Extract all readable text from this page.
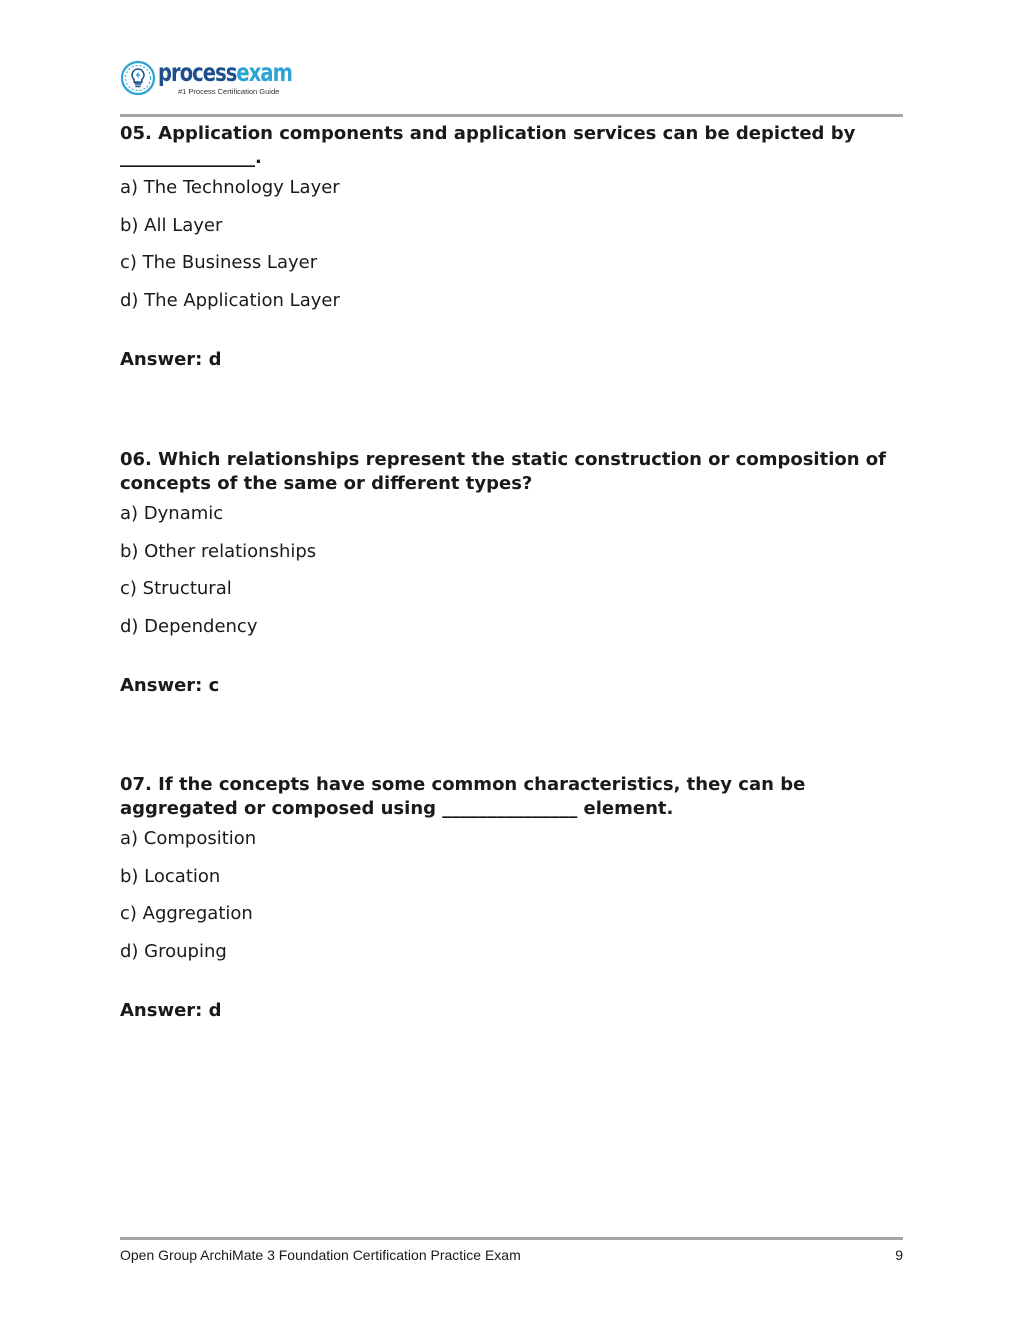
processexam
#1 Process Certification Guide

05. Application components and application services can be depicted by _______________.

a) The Technology Layer

b) All Layer

c) The Business Layer

d) The Application Layer

Answer: d

06. Which relationships represent the static construction or composition of concepts of the same or different types?

a) Dynamic

b) Other relationships

c) Structural

d) Dependency

Answer: c

07. If the concepts have some common characteristics, they can be aggregated or composed using _______________ element.

a) Composition

b) Location

c) Aggregation

d) Grouping

Answer: d

Open Group ArchiMate 3 Foundation Certification Practice Exam	9
